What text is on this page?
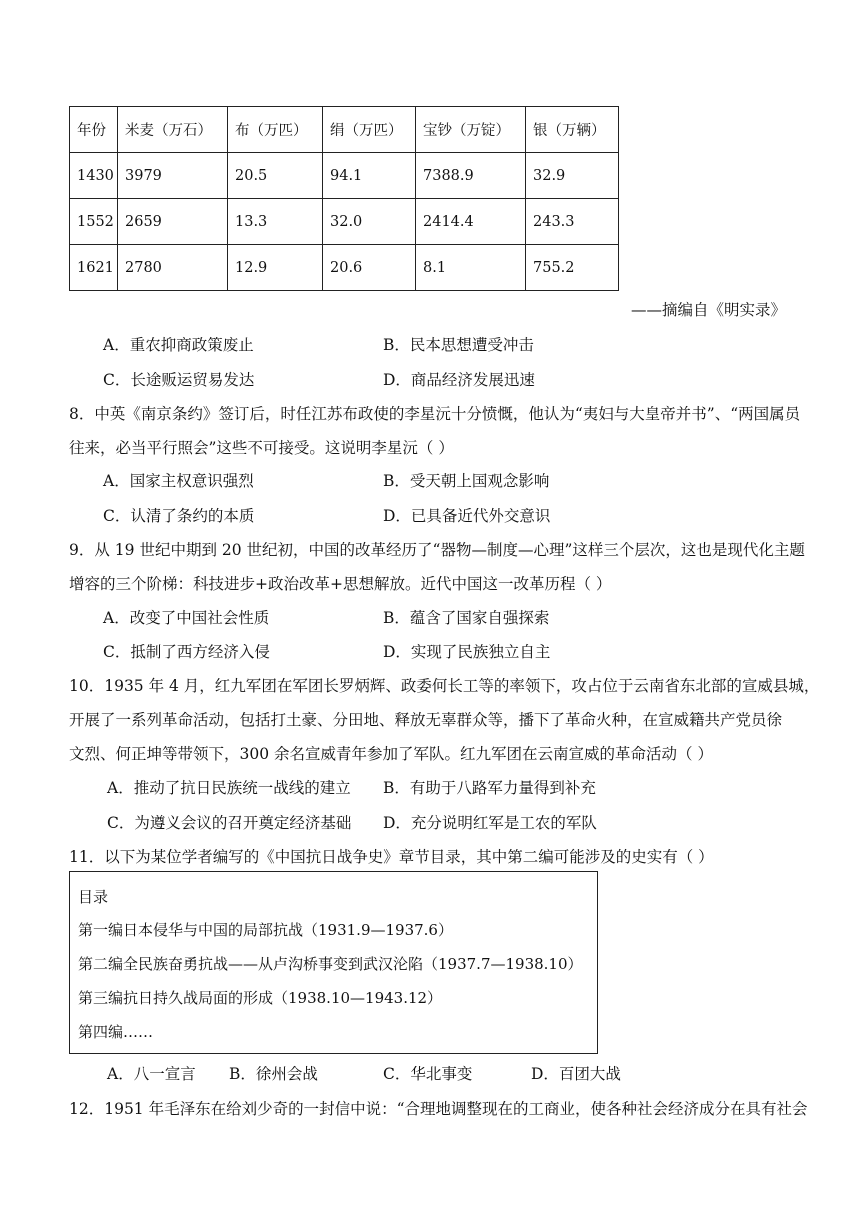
年份	米麦（万石）	布（万匹）	绢（万匹）	宝钞（万锭）	银（万辆）
1430	3979	20.5	94.1	7388.9	32.9
1552	2659	13.3	32.0	2414.4	243.3
1621	2780	12.9	20.6	8.1	755.2
——摘编自《明实录》
A．重农抑商政策废止	B．民本思想遭受冲击
C．长途贩运贸易发达	D．商品经济发展迅速
8．中英《南京条约》签订后，时任江苏布政使的李星沅十分愤慨，他认为“夷妇与大皇帝并书”、“两国属员
往来，必当平行照会”这些不可接受。这说明李星沅（ ）
A．国家主权意识强烈	B．受天朝上国观念影响
C．认清了条约的本质	D．已具备近代外交意识
9．从 19 世纪中期到 20 世纪初，中国的改革经历了“器物—制度—心理”这样三个层次，这也是现代化主题
增容的三个阶梯：科技进步+政治改革+思想解放。近代中国这一改革历程（ ）
A．改变了中国社会性质	B．蕴含了国家自强探索
C．抵制了西方经济入侵	D．实现了民族独立自主
10．1935 年 4 月，红九军团在军团长罗炳辉、政委何长工等的率领下，攻占位于云南省东北部的宣威县城，
开展了一系列革命活动，包括打土豪、分田地、释放无辜群众等，播下了革命火种，在宣威籍共产党员徐
文烈、何正坤等带领下，300 余名宣威青年参加了军队。红九军团在云南宣威的革命活动（ ）
A．推动了抗日民族统一战线的建立 B．有助于八路军力量得到补充
C．为遵义会议的召开奠定经济基础 D．充分说明红军是工农的军队
11．以下为某位学者编写的《中国抗日战争史》章节目录，其中第二编可能涉及的史实有（ ）
目录
第一编日本侵华与中国的局部抗战（1931.9—1937.6）
第二编全民族奋勇抗战——从卢沟桥事变到武汉沦陷（1937.7—1938.10）
第三编抗日持久战局面的形成（1938.10—1943.12）
第四编……
A．八一宣言 B．徐州会战	C．华北事变	D．百团大战
12．1951 年毛泽东在给刘少奇的一封信中说：“合理地调整现在的工商业，使各种社会经济成分在具有社会
